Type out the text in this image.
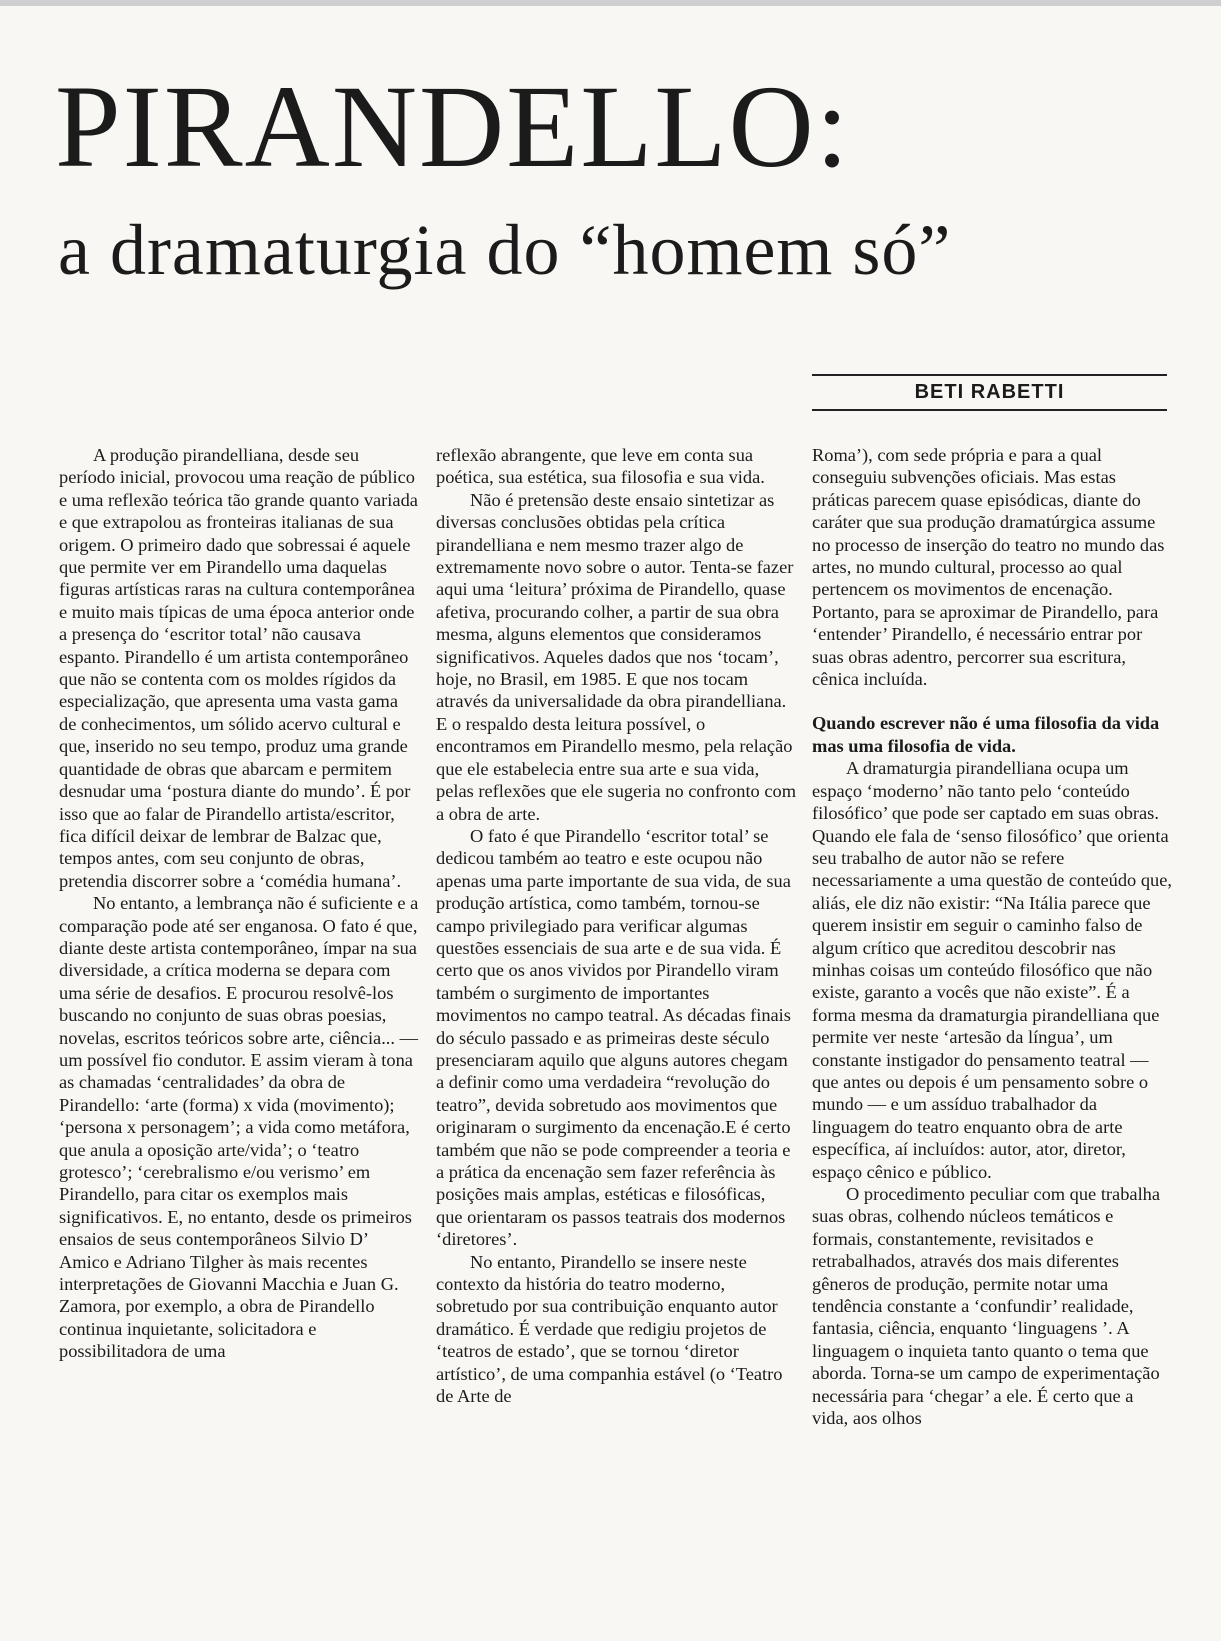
PIRANDELLO:
a dramaturgia do “homem só”
BETI RABETTI

A produção pirandelliana, desde seu período inicial, provocou uma reação de público e uma reflexão teórica tão grande quanto variada e que extrapolou as fronteiras italianas de sua origem. O primeiro dado que sobressai é aquele que permite ver em Pirandello uma daquelas figuras artísticas raras na cultura contemporânea e muito mais típicas de uma época anterior onde a presença do ‘escritor total’ não causava espanto. Pirandello é um artista contemporâneo que não se contenta com os moldes rígidos da especialização, que apresenta uma vasta gama de conhecimentos, um sólido acervo cultural e que, inserido no seu tempo, produz uma grande quantidade de obras que abarcam e permitem desnudar uma ‘postura diante do mundo’. É por isso que ao falar de Pirandello artista/escritor, fica difícil deixar de lembrar de Balzac que, tempos antes, com seu conjunto de obras, pretendia discorrer sobre a ‘comédia humana’.

No entanto, a lembrança não é suficiente e a comparação pode até ser enganosa. O fato é que, diante deste artista contemporâneo, ímpar na sua diversidade, a crítica moderna se depara com uma série de desafios. E procurou resolvê-los buscando no conjunto de suas obras poesias, novelas, escritos teóricos sobre arte, ciência... — um possível fio condutor. E assim vieram à tona as chamadas ‘centralidades’ da obra de Pirandello: ‘arte (forma) x vida (movimento); ‘persona x personagem’; a vida como metáfora, que anula a oposição arte/vida’; o ‘teatro grotesco’; ‘cerebralismo e/ou verismo’ em Pirandello, para citar os exemplos mais significativos. E, no entanto, desde os primeiros ensaios de seus contemporâneos Silvio D’ Amico e Adriano Tilgher às mais recentes interpretações de Giovanni Macchia e Juan G. Zamora, por exemplo, a obra de Pirandello continua inquietante, solicitadora e possibilitadora de uma

reflexão abrangente, que leve em conta sua poética, sua estética, sua filosofia e sua vida.

Não é pretensão deste ensaio sintetizar as diversas conclusões obtidas pela crítica pirandelliana e nem mesmo trazer algo de extremamente novo sobre o autor. Tenta-se fazer aqui uma ‘leitura’ próxima de Pirandello, quase afetiva, procurando colher, a partir de sua obra mesma, alguns elementos que consideramos significativos. Aqueles dados que nos ‘tocam’, hoje, no Brasil, em 1985. E que nos tocam através da universalidade da obra pirandelliana. E o respaldo desta leitura possível, o encontramos em Pirandello mesmo, pela relação que ele estabelecia entre sua arte e sua vida, pelas reflexões que ele sugeria no confronto com a obra de arte.

O fato é que Pirandello ‘escritor total’ se dedicou também ao teatro e este ocupou não apenas uma parte importante de sua vida, de sua produção artística, como também, tornou-se campo privilegiado para verificar algumas questões essenciais de sua arte e de sua vida. É certo que os anos vividos por Pirandello viram também o surgimento de importantes movimentos no campo teatral. As décadas finais do século passado e as primeiras deste século presenciaram aquilo que alguns autores chegam a definir como uma verdadeira “revolução do teatro”, devida sobretudo aos movimentos que originaram o surgimento da encenação.E é certo também que não se pode compreender a teoria e a prática da encenação sem fazer referência às posições mais amplas, estéticas e filosóficas, que orientaram os passos teatrais dos modernos ‘diretores’.

No entanto, Pirandello se insere neste contexto da história do teatro moderno, sobretudo por sua contribuição enquanto autor dramático. É verdade que redigiu projetos de ‘teatros de estado’, que se tornou ‘diretor artístico’, de uma companhia estável (o ‘Teatro de Arte de

Roma’), com sede própria e para a qual conseguiu subvenções oficiais. Mas estas práticas parecem quase episódicas, diante do caráter que sua produção dramatúrgica assume no processo de inserção do teatro no mundo das artes, no mundo cultural, processo ao qual pertencem os movimentos de encenação. Portanto, para se aproximar de Pirandello, para ‘entender’ Pirandello, é necessário entrar por suas obras adentro, percorrer sua escritura, cênica incluída.

Quando escrever não é uma filosofia da vida mas uma filosofia de vida.

A dramaturgia pirandelliana ocupa um espaço ‘moderno’ não tanto pelo ‘conteúdo filosófico’ que pode ser captado em suas obras. Quando ele fala de ‘senso filosófico’ que orienta seu trabalho de autor não se refere necessariamente a uma questão de conteúdo que, aliás, ele diz não existir: “Na Itália parece que querem insistir em seguir o caminho falso de algum crítico que acreditou descobrir nas minhas coisas um conteúdo filosófico que não existe, garanto a vocês que não existe”. É a forma mesma da dramaturgia pirandelliana que permite ver neste ‘artesão da língua’, um constante instigador do pensamento teatral — que antes ou depois é um pensamento sobre o mundo — e um assíduo trabalhador da linguagem do teatro enquanto obra de arte específica, aí incluídos: autor, ator, diretor, espaço cênico e público.

O procedimento peculiar com que trabalha suas obras, colhendo núcleos temáticos e formais, constantemente, revisitados e retrabalhados, através dos mais diferentes gêneros de produção, permite notar uma tendência constante a ‘confundir’ realidade, fantasia, ciência, enquanto ‘linguagens ’. A linguagem o inquieta tanto quanto o tema que aborda. Torna-se um campo de experimentação necessária para ‘chegar’ a ele. É certo que a vida, aos olhos
